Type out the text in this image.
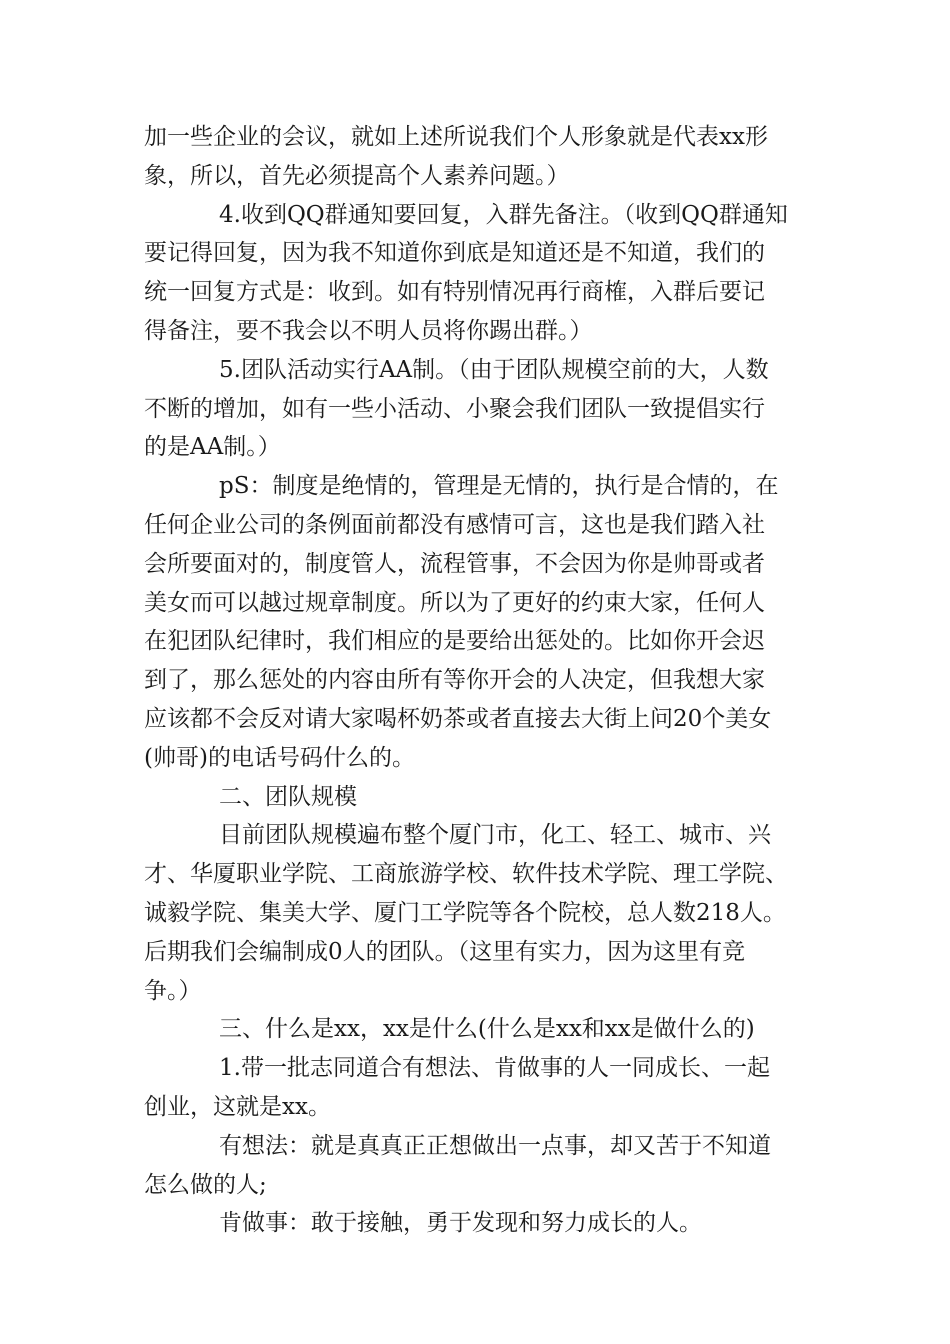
加一些企业的会议，就如上述所说我们个人形象就是代表xx形
象，所以，首先必须提高个人素养问题。）
4.收到QQ群通知要回复，入群先备注。（收到QQ群通知
要记得回复，因为我不知道你到底是知道还是不知道，我们的
统一回复方式是：收到。如有特别情况再行商榷，入群后要记
得备注，要不我会以不明人员将你踢出群。）
5.团队活动实行AA制。（由于团队规模空前的大，人数
不断的增加，如有一些小活动、小聚会我们团队一致提倡实行
的是AA制。）
pS：制度是绝情的，管理是无情的，执行是合情的，在
任何企业公司的条例面前都没有感情可言，这也是我们踏入社
会所要面对的，制度管人，流程管事，不会因为你是帅哥或者
美女而可以越过规章制度。所以为了更好的约束大家，任何人
在犯团队纪律时，我们相应的是要给出惩处的。比如你开会迟
到了，那么惩处的内容由所有等你开会的人决定，但我想大家
应该都不会反对请大家喝杯奶茶或者直接去大街上问20个美女
(帅哥)的电话号码什么的。
二、团队规模
目前团队规模遍布整个厦门市，化工、轻工、城市、兴
才、华厦职业学院、工商旅游学校、软件技术学院、理工学院、
诚毅学院、集美大学、厦门工学院等各个院校，总人数218人。
后期我们会编制成0人的团队。（这里有实力，因为这里有竞
争。）
三、什么是xx，xx是什么(什么是xx和xx是做什么的)
1.带一批志同道合有想法、肯做事的人一同成长、一起
创业，这就是xx。
有想法：就是真真正正想做出一点事，却又苦于不知道
怎么做的人;
肯做事：敢于接触，勇于发现和努力成长的人。
